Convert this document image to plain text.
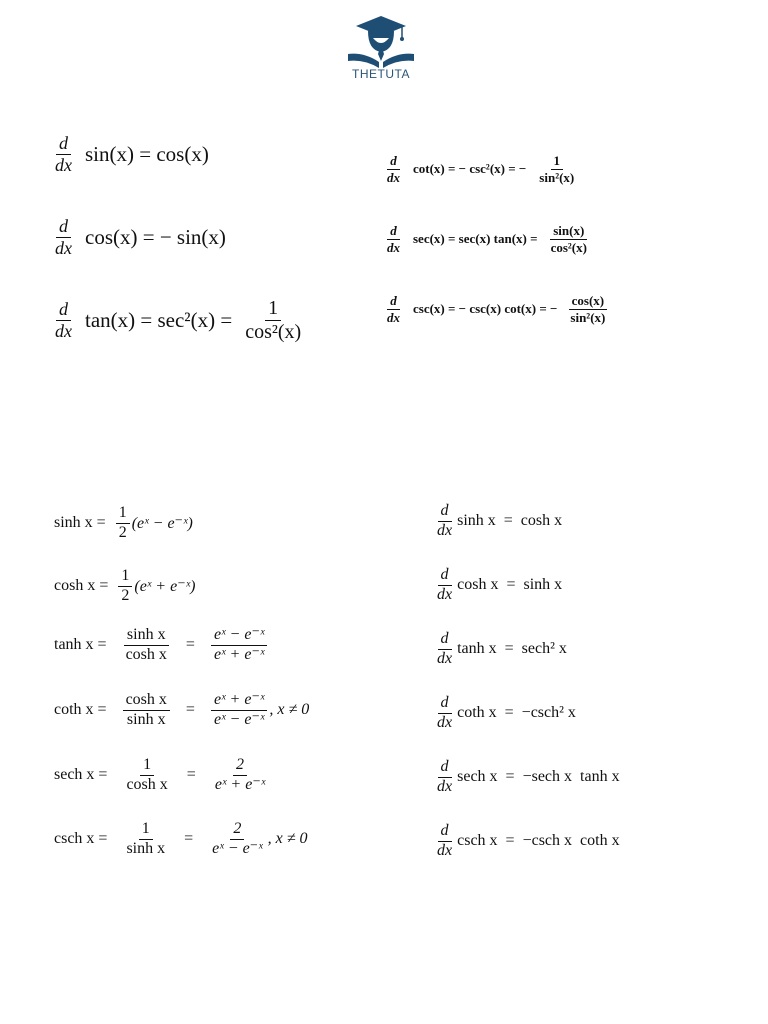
THETUTA
$\frac{d}{dx} \sin(x) = \cos(x)$
$\frac{d}{dx} \cos(x)$ = − sin(x)
$\frac{d}{dx} \tan(x) = \sec^2(x) = \frac{1}{\text{cos²(x)}}$
$\frac{d}{dx} \cot(x)$ = − csc²(x) = − $\frac{1}{\text{sin²(x)}}$
$\frac{d}{dx} \sec(x) = \sec(x) \tan(x) = \frac{\sin(x)}{\text{cos²(x)}}$
$\frac{d}{dx} \csc(x)$ = − csc(x) cot(x) = − $\frac{\cos(x)}{\text{sin²(x)}}$
$\sinh x = \frac{1}{2}$ (eˣ − e⁻ˣ)
$\cosh x = \frac{1}{2}$ (eˣ + e⁻ˣ)
$\tanh x = \frac{\text{sinh x}}{\text{cosh x}} = \frac{\text{eˣ − e⁻ˣ}}{\text{eˣ + e⁻ˣ}}$
coth $x = \frac{\text{cosh x}}{\text{sinh x}} = \frac{\text{eˣ + e⁻ˣ}}{\text{eˣ − e⁻ˣ}}$ , x ≠ 0
sech $x = \frac{1}{\text{cosh x}} = \frac{2}{\text{eˣ + e⁻ˣ}}$
csch $x = \frac{1}{\text{sinh x}} = \frac{2}{\text{eˣ − e⁻ˣ}}$ , x ≠ 0
$\frac{d}{dx}$ sinh x  =  cosh x
$\frac{d}{dx}$ cosh x  =  sinh x
$\frac{d}{dx}$ tanh x  =  sech² x
$\frac{d}{dx}$ coth x  =  −csch² x
$\frac{d}{dx}$ sech x  =  −sech x  tanh x
$\frac{d}{dx}$ csch x  =  −csch x  coth x
